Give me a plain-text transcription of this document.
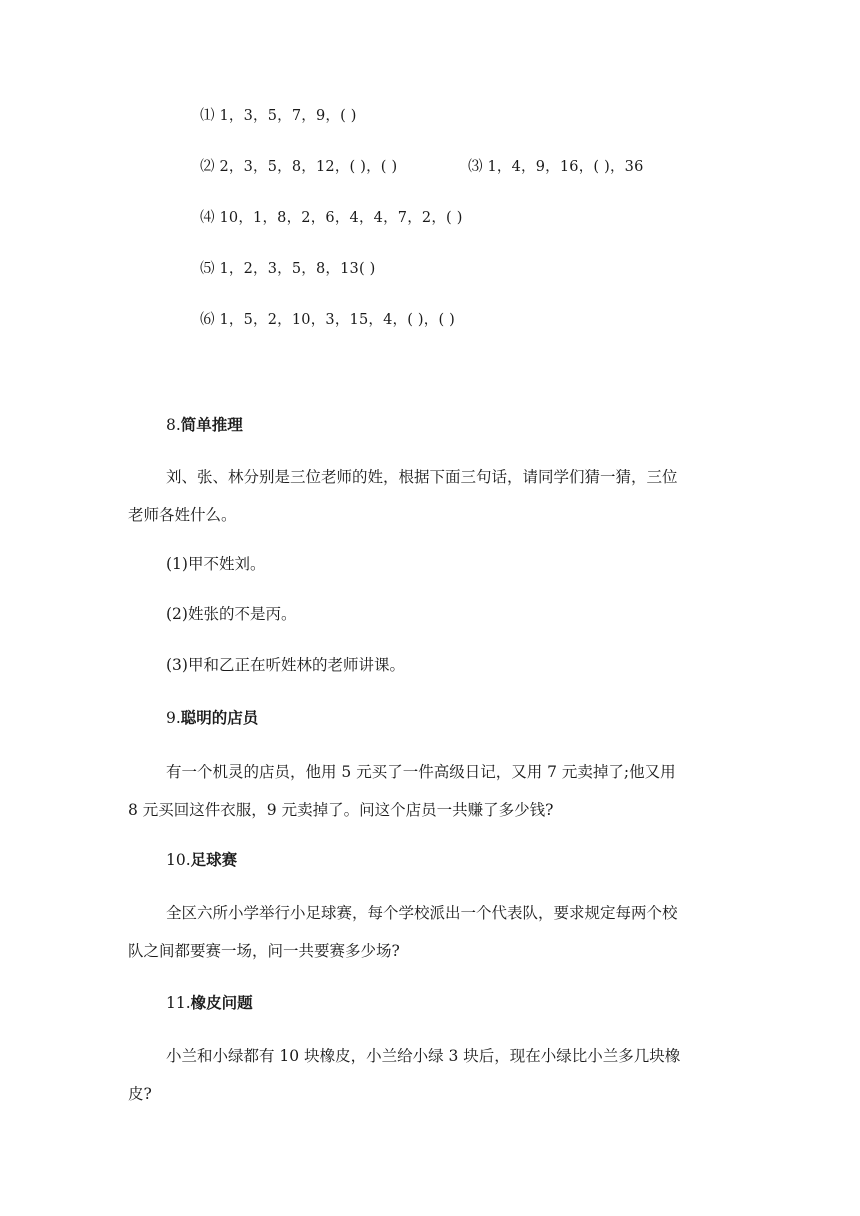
⑴ 1，3，5，7，9，( )
⑵ 2，3，5，8，12，( )，( )	⑶ 1，4，9，16，( )，36
⑷ 10，1，8，2，6，4，4，7，2，( )
⑸ 1，2，3，5，8，13( )
⑹ 1，5，2，10，3，15，4，( )，( )
8.简单推理
刘、张、林分别是三位老师的姓，根据下面三句话，请同学们猜一猜，三位
老师各姓什么。
(1)甲不姓刘。
(2)姓张的不是丙。
(3)甲和乙正在听姓林的老师讲课。
9.聪明的店员
有一个机灵的店员，他用 5 元买了一件高级日记，又用 7 元卖掉了;他又用
8 元买回这件衣服，9 元卖掉了。问这个店员一共赚了多少钱?
10.足球赛
全区六所小学举行小足球赛，每个学校派出一个代表队，要求规定每两个校
队之间都要赛一场，问一共要赛多少场?
11.橡皮问题
小兰和小绿都有 10 块橡皮，小兰给小绿 3 块后，现在小绿比小兰多几块橡
皮?
